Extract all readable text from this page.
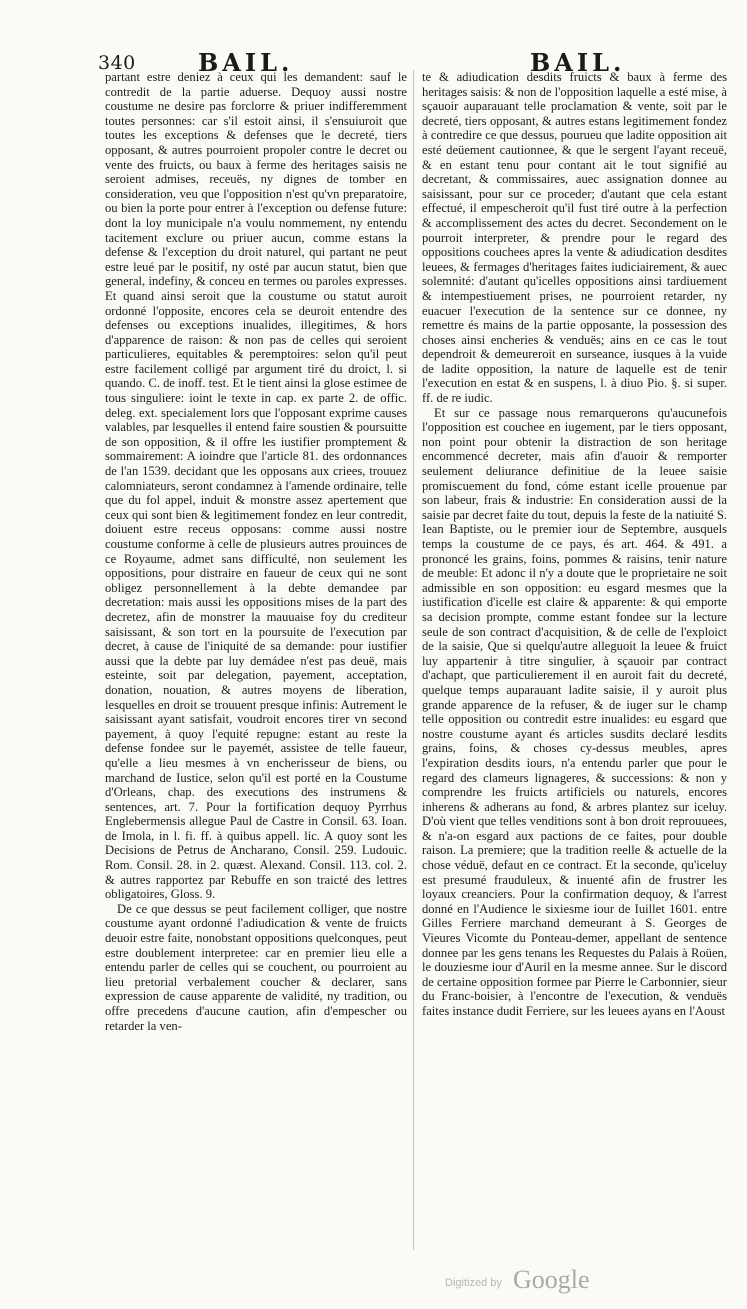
340	BAIL.	BAIL.

partant estre deniez à ceux qui les demandent: sauf le contredit de la partie aduerse. Dequoy aussi nostre coustume ne desire pas forclorre & priuer indifferemment toutes personnes: car s'il estoit ainsi, il s'ensuiuroit que toutes les exceptions & defenses que le decreté, tiers opposant, & autres pourroient propoler contre le decret ou vente des fruicts, ou baux à ferme des heritages saisis ne seroient admises, receuës, ny dignes de tomber en consideration, veu que l'opposition n'est qu'vn preparatoire, ou bien la porte pour entrer à l'exception ou defense future: dont la loy municipale n'a voulu nommement, ny entendu tacitement exclure ou priuer aucun, comme estans la defense & l'exception du droit naturel, qui partant ne peut estre leué par le positif, ny osté par aucun statut, bien que general, indefiny, & conceu en termes ou paroles expresses. Et quand ainsi seroit que la coustume ou statut auroit ordonné l'opposite, encores cela se deuroit entendre des defenses ou exceptions inualides, illegitimes, & hors d'apparence de raison: & non pas de celles qui seroient particulieres, equitables & peremptoires: selon qu'il peut estre facilement colligé par argument tiré du droict, l. si quando. C. de inoff. test. Et le tient ainsi la glose estimee de tous singuliere: ioint le texte in cap. ex parte 2. de offic. deleg. ext. specialement lors que l'opposant exprime causes valables, par lesquelles il entend faire soustien & poursuitte de son opposition, & il offre les iustifier promptement & sommairement: A ioindre que l'article 81. des ordonnances de l'an 1539. decidant que les opposans aux criees, trouuez calomniateurs, seront condamnez à l'amende ordinaire, telle que du fol appel, induit & monstre assez apertement que ceux qui sont bien & legitimement fondez en leur contredit, doiuent estre receus opposans: comme aussi nostre coustume conforme à celle de plusieurs autres prouinces de ce Royaume, admet sans difficulté, non seulement les oppositions, pour distraire en faueur de ceux qui ne sont obligez personnellement à la debte demandee par decretation: mais aussi les oppositions mises de la part des decretez, afin de monstrer la mauuaise foy du crediteur saisissant, & son tort en la poursuite de l'execution par decret, à cause de l'iniquité de sa demande: pour iustifier aussi que la debte par luy demádee n'est pas deuë, mais esteinte, soit par delegation, payement, acceptation, donation, nouation, & autres moyens de liberation, lesquelles en droit se trouuent presque infinis: Autrement le saisissant ayant satisfait, voudroit encores tirer vn second payement, à quoy l'equité repugne: estant au reste la defense fondee sur le payemét, assistee de telle faueur, qu'elle a lieu mesmes à vn encherisseur de biens, ou marchand de Iustice, selon qu'il est porté en la Coustume d'Orleans, chap. des executions des instrumens & sentences, art. 7. Pour la fortification dequoy Pyrrhus Englebermensis allegue Paul de Castre in Consil. 63. Ioan. de Imola, in l. fi. ff. à quibus appell. lic. A quoy sont les Decisions de Petrus de Ancharano, Consil. 259. Ludouic. Rom. Consil. 28. in 2. quæst. Alexand. Consil. 113. col. 2. & autres rapportez par Rebuffe en son traicté des lettres obligatoires, Gloss. 9.

De ce que dessus se peut facilement colliger, que nostre coustume ayant ordonné l'adiudication & vente de fruicts deuoir estre faite, nonobstant oppositions quelconques, peut estre doublement interpretee: car en premier lieu elle a entendu parler de celles qui se couchent, ou pourroient au lieu pretorial verbalement coucher & declarer, sans expression de cause apparente de validité, ny tradition, ou offre precedens d'aucune caution, afin d'empescher ou retarder la ven-

te & adiudication desdits fruicts & baux à ferme des heritages saisis: & non de l'opposition laquelle a esté mise, à sçauoir auparauant telle proclamation & vente, soit par le decreté, tiers opposant, & autres estans legitimement fondez à contredire ce que dessus, pourueu que ladite opposition ait esté deüement cautionnee, & que le sergent l'ayant receuë, & en estant tenu pour contant ait le tout signifié au decretant, & commissaires, auec assignation donnee au saisissant, pour sur ce proceder; d'autant que cela estant effectué, il empescheroit qu'il fust tiré outre à la perfection & accomplissement des actes du decret. Secondement on le pourroit interpreter, & prendre pour le regard des oppositions couchees apres la vente & adiudication desdites leuees, & fermages d'heritages faites iudiciairement, & auec solemnité: d'autant qu'icelles oppositions ainsi tardiuement & intempestiuement prises, ne pourroient retarder, ny euacuer l'execution de la sentence sur ce donnee, ny remettre és mains de la partie opposante, la possession des choses ainsi encheries & venduës; ains en ce cas le tout dependroit & demeureroit en surseance, iusques à la vuide de ladite opposition, la nature de laquelle est de tenir l'execution en estat & en suspens, l. à diuo Pio. §. si super. ff. de re iudic.

Et sur ce passage nous remarquerons qu'aucunefois l'opposition est couchee en iugement, par le tiers opposant, non point pour obtenir la distraction de son heritage encommencé decreter, mais afin d'auoir & remporter seulement deliurance definitiue de la leuee saisie promiscuement du fond, cóme estant icelle prouenue par son labeur, frais & industrie: En consideration aussi de la saisie par decret faite du tout, depuis la feste de la natiuité S. Iean Baptiste, ou le premier iour de Septembre, ausquels temps la coustume de ce pays, és art. 464. & 491. a prononcé les grains, foins, pommes & raisins, tenir nature de meuble: Et adonc il n'y a doute que le proprietaire ne soit admissible en son opposition: eu esgard mesmes que la iustification d'icelle est claire & apparente: & qui emporte sa decision prompte, comme estant fondee sur la lecture seule de son contract d'acquisition, & de celle de l'exploict de la saisie, Que si quelqu'autre alleguoit la leuee & fruict luy appartenir à titre singulier, à sçauoir par contract d'achapt, que particulierement il en auroit fait du decreté, quelque temps auparauant ladite saisie, il y auroit plus grande apparence de la refuser, & de iuger sur le champ telle opposition ou contredit estre inualides: eu esgard que nostre coustume ayant és articles susdits declaré lesdits grains, foins, & choses cy-dessus meubles, apres l'expiration desdits iours, n'a entendu parler que pour le regard des clameurs lignageres, & successions: & non y comprendre les fruicts artificiels ou naturels, encores inherens & adherans au fond, & arbres plantez sur iceluy. D'où vient que telles venditions sont à bon droit reprouuees, & n'a-on esgard aux pactions de ce faites, pour double raison. La premiere; que la tradition reelle & actuelle de la chose véduë, defaut en ce contract. Et la seconde, qu'iceluy est presumé frauduleux, & inuenté afin de frustrer les loyaux creanciers. Pour la confirmation dequoy, & l'arrest donné en l'Audience le sixiesme iour de Iuillet 1601. entre Gilles Ferriere marchand demeurant à S. Georges de Vieures Vicomte du Ponteau-demer, appellant de sentence donnee par les gens tenans les Requestes du Palais à Roüen, le douziesme iour d'Auril en la mesme annee. Sur le discord de certaine opposition formee par Pierre le Carbonnier, sieur du Franc-boisier, à l'encontre de l'execution, & venduës faites instance dudit Ferriere, sur les leuees ayans en l'Aoust

Digitized by Google
